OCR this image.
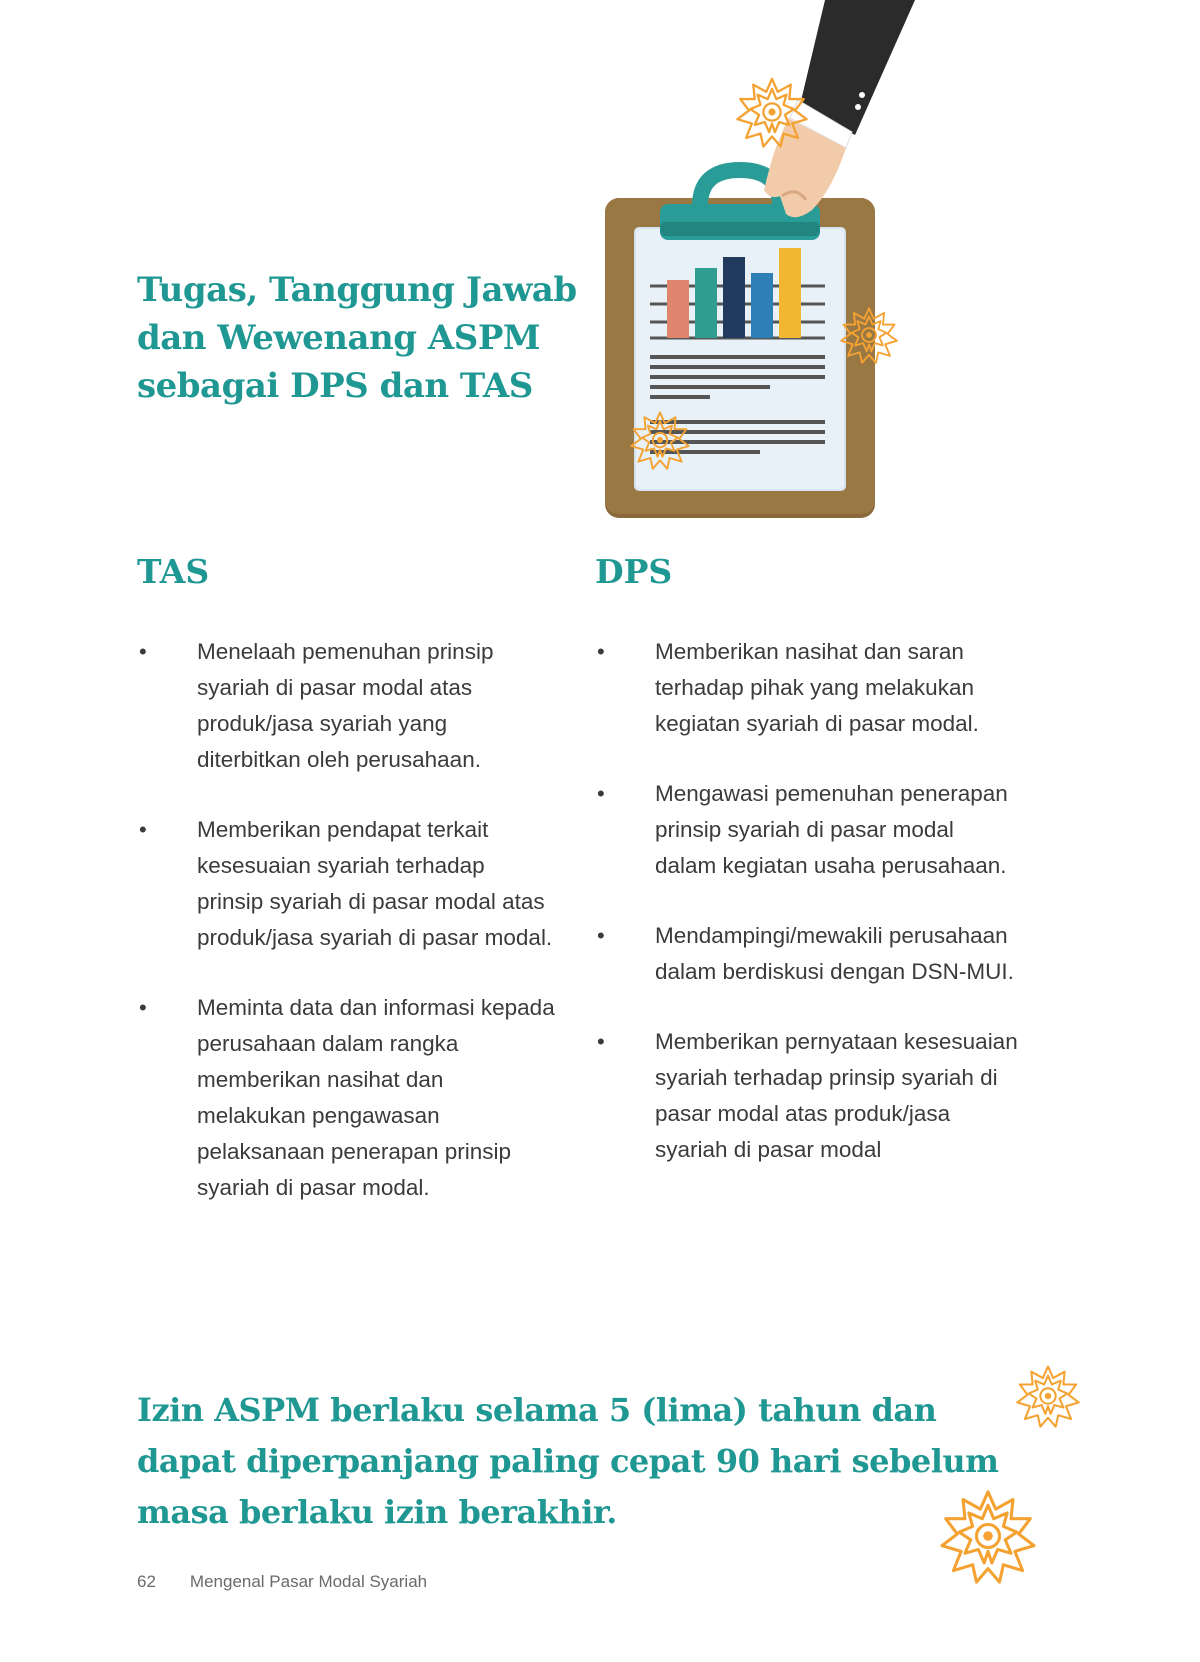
Tugas, Tanggung Jawab dan Wewenang ASPM sebagai DPS dan TAS
TAS
• Menelaah pemenuhan prinsip syariah di pasar modal atas produk/jasa syariah yang diterbitkan oleh perusahaan.
• Memberikan pendapat terkait kesesuaian syariah terhadap prinsip syariah di pasar modal atas produk/jasa syariah di pasar modal.
• Meminta data dan informasi kepada perusahaan dalam rangka memberikan nasihat dan melakukan pengawasan pelaksanaan penerapan prinsip syariah di pasar modal.
DPS
• Memberikan nasihat dan saran terhadap pihak yang melakukan kegiatan syariah di pasar modal.
• Mengawasi pemenuhan penerapan prinsip syariah di pasar modal dalam kegiatan usaha perusahaan.
• Mendampingi/mewakili perusahaan dalam berdiskusi dengan DSN-MUI.
• Memberikan pernyataan kesesuaian syariah terhadap prinsip syariah di pasar modal atas produk/jasa syariah di pasar modal

Izin ASPM berlaku selama 5 (lima) tahun dan dapat diperpanjang paling cepat 90 hari sebelum masa berlaku izin berakhir.

62 Mengenal Pasar Modal Syariah
